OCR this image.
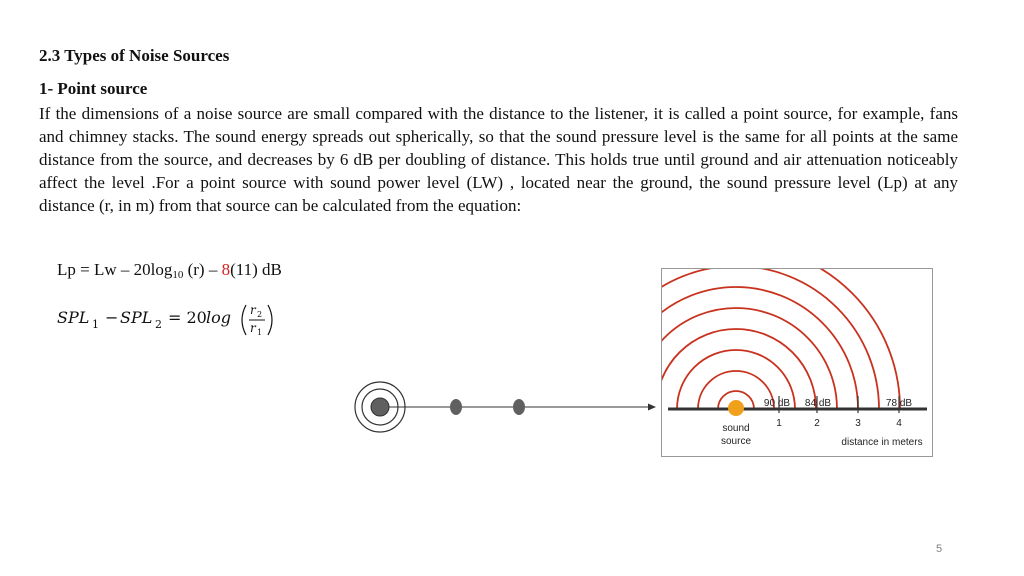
2.3 Types of Noise Sources
1- Point source
If the dimensions of a noise source are small compared with the distance to the listener, it is called a point source, for example, fans and chimney stacks. The sound energy spreads out spherically, so that the sound pressure level is the same for all points at the same distance from the source, and decreases by 6 dB per doubling of distance. This holds true until ground and air attenuation noticeably affect the level .For a point source with sound power level (LW) , located near the ground, the sound pressure level (Lp) at any distance (r, in m) from that source can be calculated from the equation:
$Lp = Lw - 20\log_{10}$ (r) – 8(11) dB
SPL 1 − SPL 2 = 20 log r 2
r 1
90 dB 84 dB	78 dB
1	2	3	4
sound
source	distance in meters
5
